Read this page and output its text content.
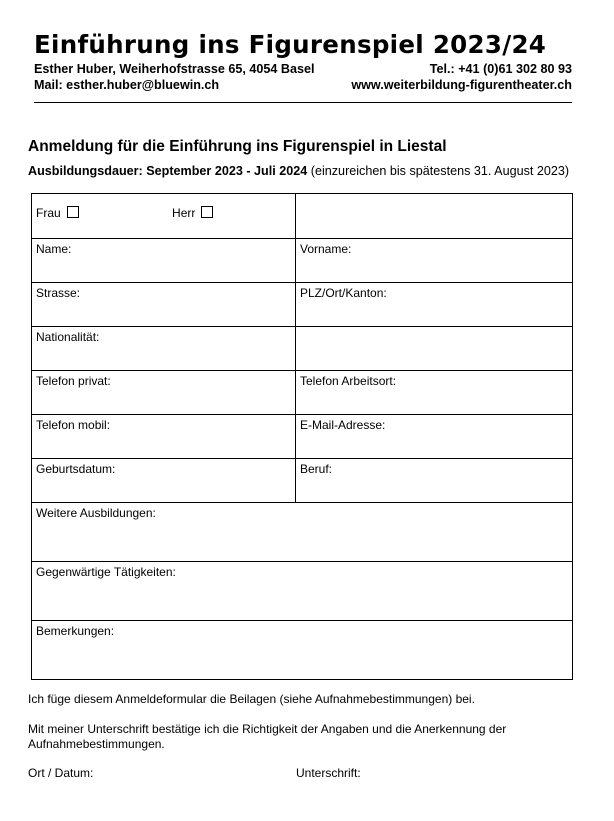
Einführung ins Figurenspiel 2023/24
Esther Huber, Weiherhofstrasse 65, 4054 Basel	Tel.: +41 (0)61 302 80 93
Mail: esther.huber@bluewin.ch	www.weiterbildung-figurentheater.ch
Anmeldung für die Einführung ins Figurenspiel in Liestal
Ausbildungsdauer: September 2023 - Juli 2024 (einzureichen bis spätestens 31. August 2023)
Frau Herr	
Name:	Vorname:
Strasse:	PLZ/Ort/Kanton:
Nationalität:	
Telefon privat:	Telefon Arbeitsort:
Telefon mobil:	E-Mail-Adresse:
Geburtsdatum:	Beruf:
Weitere Ausbildungen:	
Gegenwärtige Tätigkeiten:	
Bemerkungen:	
Ich füge diesem Anmeldeformular die Beilagen (siehe Aufnahmebestimmungen) bei.
Mit meiner Unterschrift bestätige ich die Richtigkeit der Angaben und die Anerkennung der
Aufnahmebestimmungen.
Ort / Datum:	Unterschrift:
